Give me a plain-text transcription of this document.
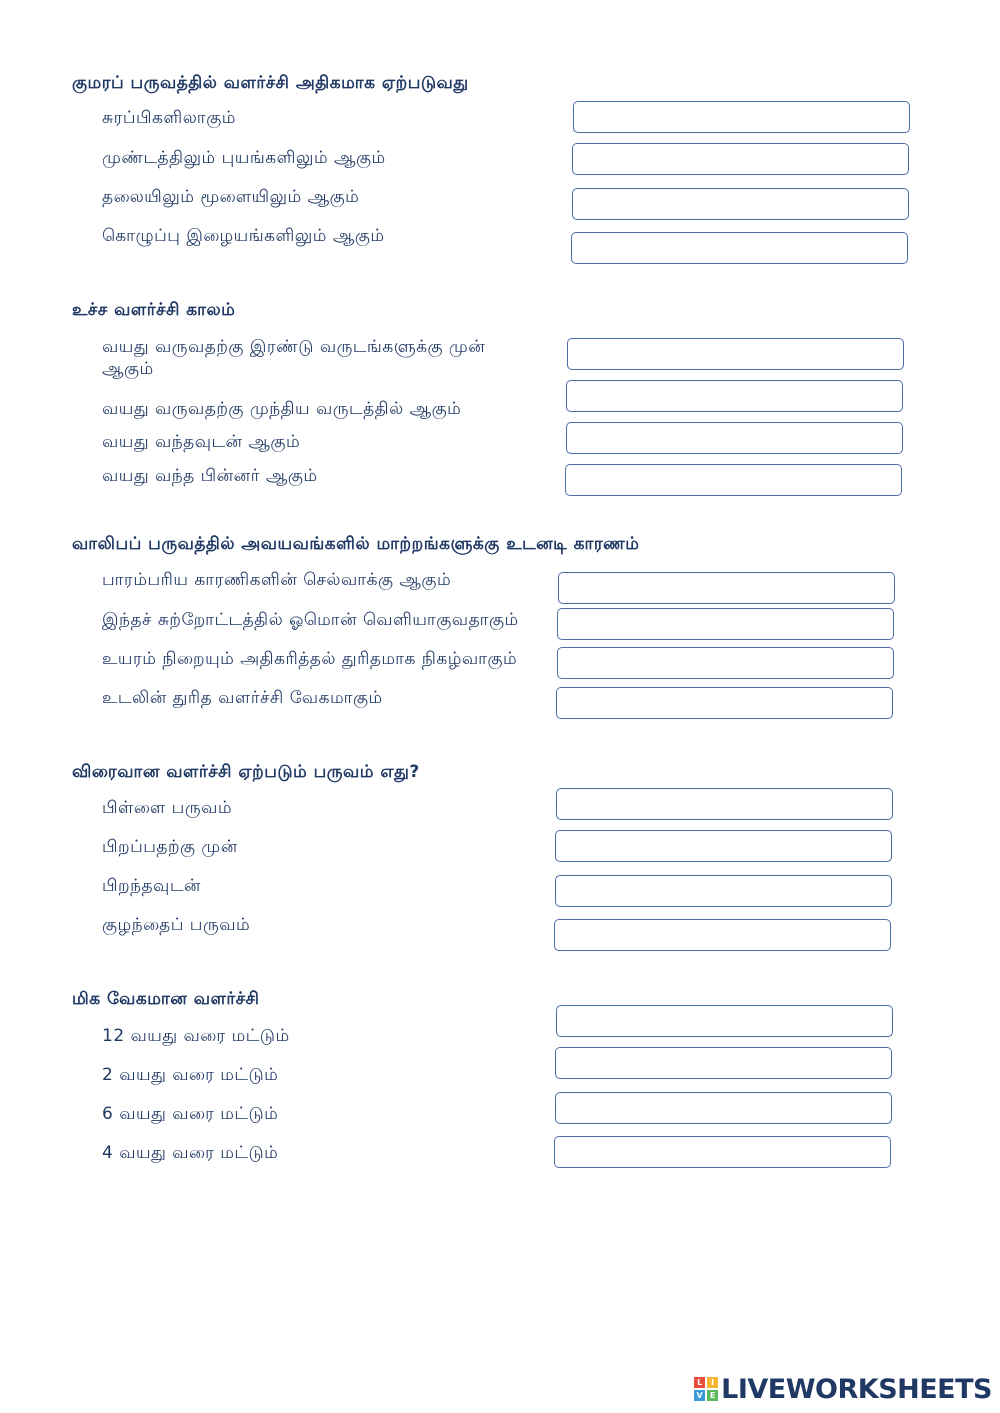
குமரப் பருவத்தில் வளர்ச்சி அதிகமாக ஏற்படுவது
சுரப்பிகளிலாகும்
முண்டத்திலும் புயங்களிலும் ஆகும்
தலையிலும் மூளையிலும் ஆகும்
கொழுப்பு இழையங்களிலும் ஆகும்
உச்ச வளர்ச்சி காலம்
வயது வருவதற்கு இரண்டு வருடங்களுக்கு முன் ஆகும்
வயது வருவதற்கு முந்திய வருடத்தில் ஆகும்
வயது வந்தவுடன் ஆகும்
வயது வந்த பின்னர் ஆகும்
வாலிபப் பருவத்தில் அவயவங்களில் மாற்றங்களுக்கு உடனடி காரணம்
பாரம்பரிய காரணிகளின் செல்வாக்கு ஆகும்
இந்தச் சுற்றோட்டத்தில் ஓமொன் வெளியாகுவதாகும்
உயரம் நிறையும் அதிகரித்தல் துரிதமாக நிகழ்வாகும்
உடலின் துரித வளர்ச்சி வேகமாகும்
விரைவான வளர்ச்சி ஏற்படும் பருவம் எது?
பிள்ளை பருவம்
பிறப்பதற்கு முன்
பிறந்தவுடன்
குழந்தைப் பருவம்
மிக வேகமான வளர்ச்சி
12 வயது வரை மட்டும்
2 வயது வரை மட்டும்
6 வயது வரை மட்டும்
4 வயது வரை மட்டும்
L	I
V E LIVEWORKSHEETS
